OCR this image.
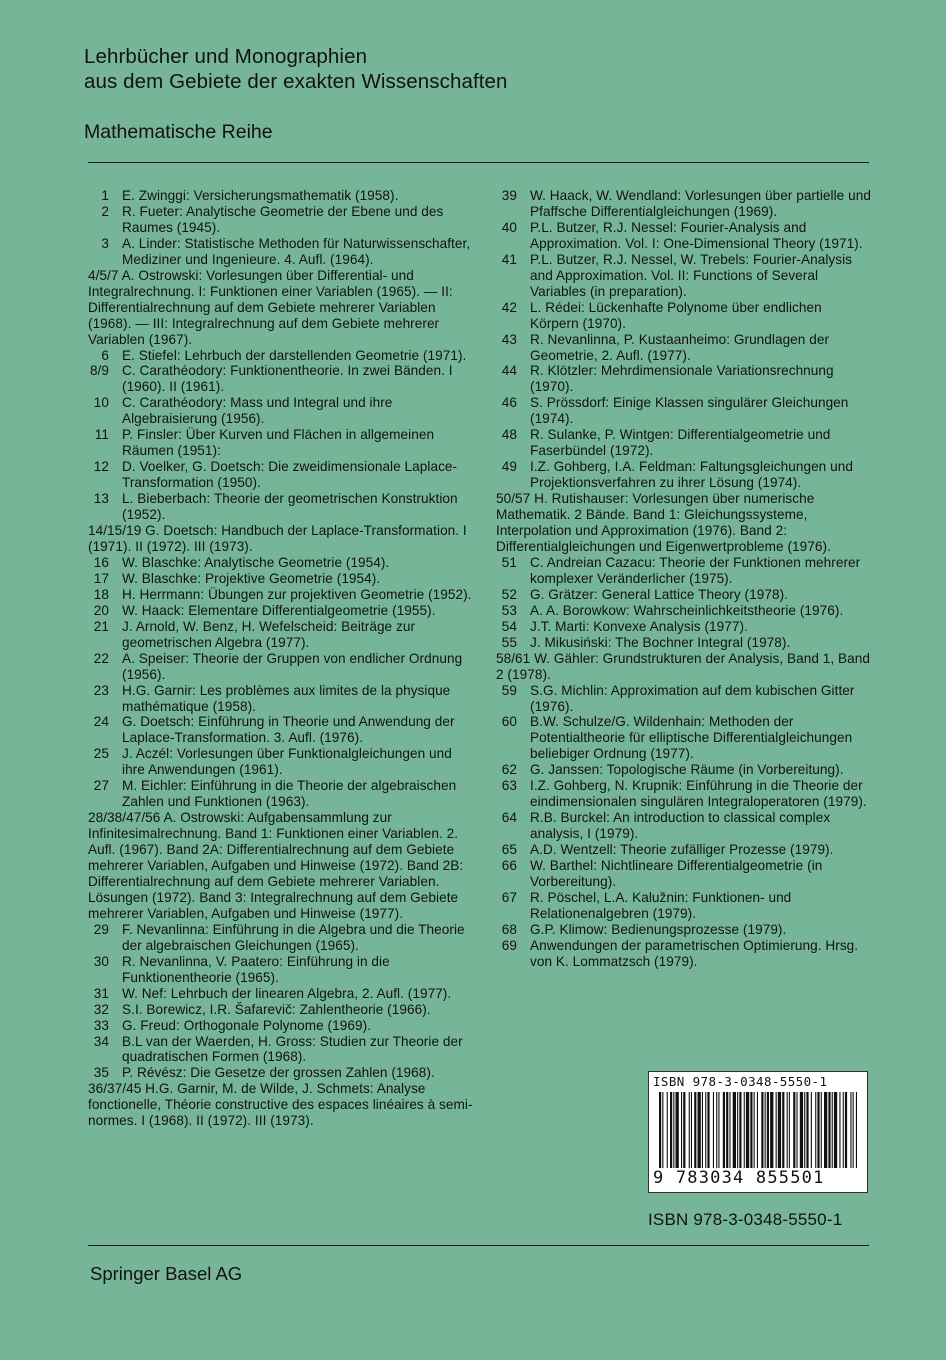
Lehrbücher und Monographien
aus dem Gebiete der exakten Wissenschaften
Mathematische Reihe
1 E. Zwinggi: Versicherungsmathematik (1958).
2 R. Fueter: Analytische Geometrie der Ebene und des Raumes (1945).
3 A. Linder: Statistische Methoden für Naturwissenschafter, Mediziner und Ingenieure. 4. Aufl. (1964).
4/5/7 A. Ostrowski: Vorlesungen über Differential- und Integralrechnung. I: Funktionen einer Variablen (1965). — II: Differentialrechnung auf dem Gebiete mehrerer Variablen (1968). — III: Integralrechnung auf dem Gebiete mehrerer Variablen (1967).
6 E. Stiefel: Lehrbuch der darstellenden Geometrie (1971).
8/9 C. Carathéodory: Funktionentheorie. In zwei Bänden. I (1960). II (1961).
10 C. Carathéodory: Mass und Integral und ihre Algebraisierung (1956).
11 P. Finsler: Über Kurven und Flächen in allgemeinen Räumen (1951):
12 D. Voelker, G. Doetsch: Die zweidimensionale Laplace-Transformation (1950).
13 L. Bieberbach: Theorie der geometrischen Konstruktion (1952).
14/15/19 G. Doetsch: Handbuch der Laplace-Transformation. I (1971). II (1972). III (1973).
16 W. Blaschke: Analytische Geometrie (1954).
17 W. Blaschke: Projektive Geometrie (1954).
18 H. Herrmann: Übungen zur projektiven Geometrie (1952).
20 W. Haack: Elementare Differentialgeometrie (1955).
21 J. Arnold, W. Benz, H. Wefelscheid: Beiträge zur geometrischen Algebra (1977).
22 A. Speiser: Theorie der Gruppen von endlicher Ordnung (1956).
23 H.G. Garnir: Les problèmes aux limites de la physique mathématique (1958).
24 G. Doetsch: Einführung in Theorie und Anwendung der Laplace-Transformation. 3. Aufl. (1976).
25 J. Aczél: Vorlesungen über Funktionalgleichungen und ihre Anwendungen (1961).
27 M. Eichler: Einführung in die Theorie der algebraischen Zahlen und Funktionen (1963).
28/38/47/56 A. Ostrowski: Aufgabensammlung zur Infinitesimalrechnung. Band 1: Funktionen einer Variablen. 2. Aufl. (1967). Band 2A: Differentialrechnung auf dem Gebiete mehrerer Variablen, Aufgaben und Hinweise (1972). Band 2B: Differentialrechnung auf dem Gebiete mehrerer Variablen. Lösungen (1972). Band 3: Integralrechnung auf dem Gebiete mehrerer Variablen, Aufgaben und Hinweise (1977).
29 F. Nevanlinna: Einführung in die Algebra und die Theorie der algebraischen Gleichungen (1965).
30 R. Nevanlinna, V. Paatero: Einführung in die Funktionentheorie (1965).
31 W. Nef: Lehrbuch der linearen Algebra, 2. Aufl. (1977).
32 S.I. Borewicz, I.R. Šafarevič: Zahlentheorie (1966).
33 G. Freud: Orthogonale Polynome (1969).
34 B.L van der Waerden, H. Gross: Studien zur Theorie der quadratischen Formen (1968).
35 P. Révész: Die Gesetze der grossen Zahlen (1968).
36/37/45 H.G. Garnir, M. de Wilde, J. Schmets: Analyse fonctionelle, Théorie constructive des espaces linéaires à semi-normes. I (1968). II (1972). III (1973).
39 W. Haack, W. Wendland: Vorlesungen über partielle und Pfaffsche Differentialgleichungen (1969).
40 P.L. Butzer, R.J. Nessel: Fourier-Analysis and Approximation. Vol. I: One-Dimensional Theory (1971).
41 P.L. Butzer, R.J. Nessel, W. Trebels: Fourier-Analysis and Approximation. Vol. II: Functions of Several Variables (in preparation).
42 L. Rédei: Lückenhafte Polynome über endlichen Körpern (1970).
43 R. Nevanlinna, P. Kustaanheimo: Grundlagen der Geometrie, 2. Aufl. (1977).
44 R. Klötzler: Mehrdimensionale Variationsrechnung (1970).
46 S. Prössdorf: Einige Klassen singulärer Gleichungen (1974).
48 R. Sulanke, P. Wintgen: Differentialgeometrie und Faserbündel (1972).
49 I.Z. Gohberg, I.A. Feldman: Faltungsgleichungen und Projektionsverfahren zu ihrer Lösung (1974).
50/57 H. Rutishauser: Vorlesungen über numerische Mathematik. 2 Bände. Band 1: Gleichungssysteme, Interpolation und Approximation (1976). Band 2: Differentialgleichungen und Eigenwertprobleme (1976).
51 C. Andreian Cazacu: Theorie der Funktionen mehrerer komplexer Veränderlicher (1975).
52 G. Grätzer: General Lattice Theory (1978).
53 A. A. Borowkow: Wahrscheinlichkeitstheorie (1976).
54 J.T. Marti: Konvexe Analysis (1977).
55 J. Mikusiński: The Bochner Integral (1978).
58/61 W. Gähler: Grundstrukturen der Analysis, Band 1, Band 2 (1978).
59 S.G. Michlin: Approximation auf dem kubischen Gitter (1976).
60 B.W. Schulze/G. Wildenhain: Methoden der Potentialtheorie für elliptische Differentialgleichungen beliebiger Ordnung (1977).
62 G. Janssen: Topologische Räume (in Vorbereitung).
63 I.Z. Gohberg, N. Krupnik: Einführung in die Theorie der eindimensionalen singulären Integraloperatoren (1979).
64 R.B. Burckel: An introduction to classical complex analysis, I (1979).
65 A.D. Wentzell: Theorie zufälliger Prozesse (1979).
66 W. Barthel: Nichtlineare Differentialgeometrie (in Vorbereitung).
67 R. Pöschel, L.A. Kalužnin: Funktionen- und Relationenalgebren (1979).
68 G.P. Klimow: Bedienungsprozesse (1979).
69 Anwendungen der parametrischen Optimierung. Hrsg. von K. Lommatzsch (1979).
ISBN 978-3-0348-5550-1
9 783034 855501
ISBN 978-3-0348-5550-1
Springer Basel AG
